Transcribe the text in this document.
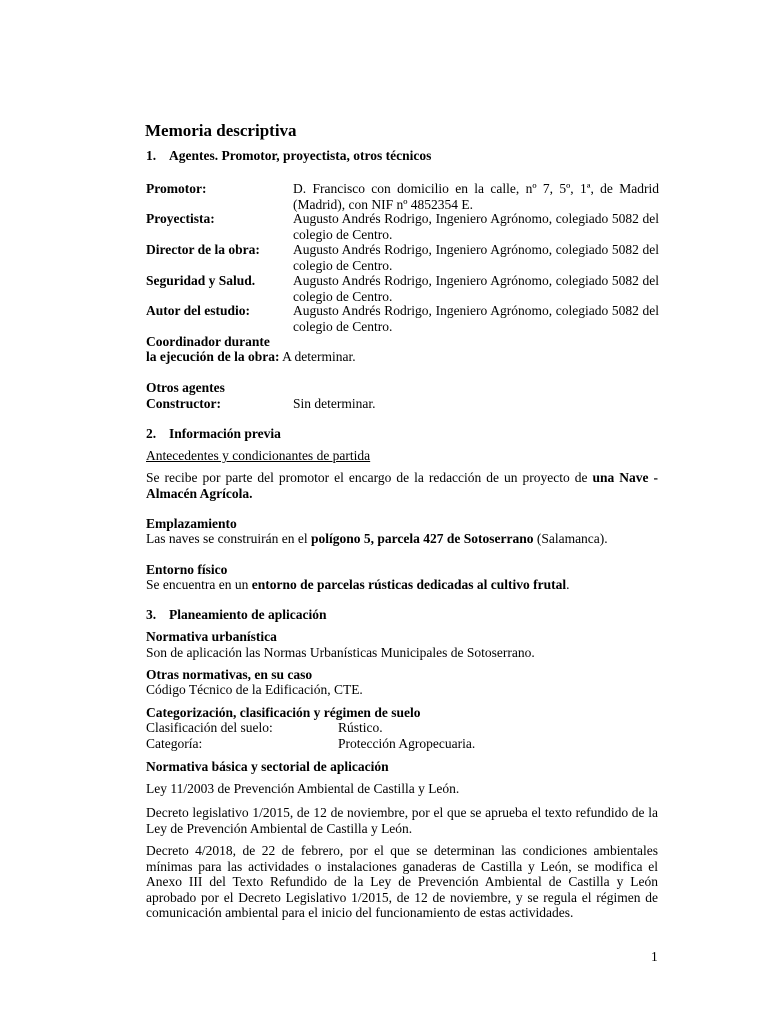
Memoria descriptiva
1. Agentes. Promotor, proyectista, otros técnicos
Promotor:	D. Francisco con domicilio en la calle, nº 7, 5º, 1ª, de Madrid (Madrid), con NIF nº 4852354 E.
Proyectista:	Augusto Andrés Rodrigo, Ingeniero Agrónomo, colegiado 5082 del colegio de Centro.
Director de la obra: Augusto Andrés Rodrigo, Ingeniero Agrónomo, colegiado 5082 del colegio de Centro.
Seguridad y Salud.	Augusto Andrés Rodrigo, Ingeniero Agrónomo, colegiado 5082 del colegio de Centro.
Autor del estudio:	Augusto Andrés Rodrigo, Ingeniero Agrónomo, colegiado 5082 del colegio de Centro.
Coordinador durante
la ejecución de la obra: A determinar.
Otros agentes
Constructor:	Sin determinar.
2. Información previa
Antecedentes y condicionantes de partida
Se recibe por parte del promotor el encargo de la redacción de un proyecto de una Nave - Almacén Agrícola.
Emplazamiento
Las naves se construirán en el polígono 5, parcela 427 de Sotoserrano (Salamanca).
Entorno físico
Se encuentra en un entorno de parcelas rústicas dedicadas al cultivo frutal.
3. Planeamiento de aplicación
Normativa urbanística
Son de aplicación las Normas Urbanísticas Municipales de Sotoserrano.
Otras normativas, en su caso
Código Técnico de la Edificación, CTE.
Categorización, clasificación y régimen de suelo
Clasificación del suelo:	Rústico.
Categoría:	Protección Agropecuaria.
Normativa básica y sectorial de aplicación
Ley 11/2003 de Prevención Ambiental de Castilla y León.
Decreto legislativo 1/2015, de 12 de noviembre, por el que se aprueba el texto refundido de la Ley de Prevención Ambiental de Castilla y León.
Decreto 4/2018, de 22 de febrero, por el que se determinan las condiciones ambientales mínimas para las actividades o instalaciones ganaderas de Castilla y León, se modifica el Anexo III del Texto Refundido de la Ley de Prevención Ambiental de Castilla y León aprobado por el Decreto Legislativo 1/2015, de 12 de noviembre, y se regula el régimen de comunicación ambiental para el inicio del funcionamiento de estas actividades.
1
